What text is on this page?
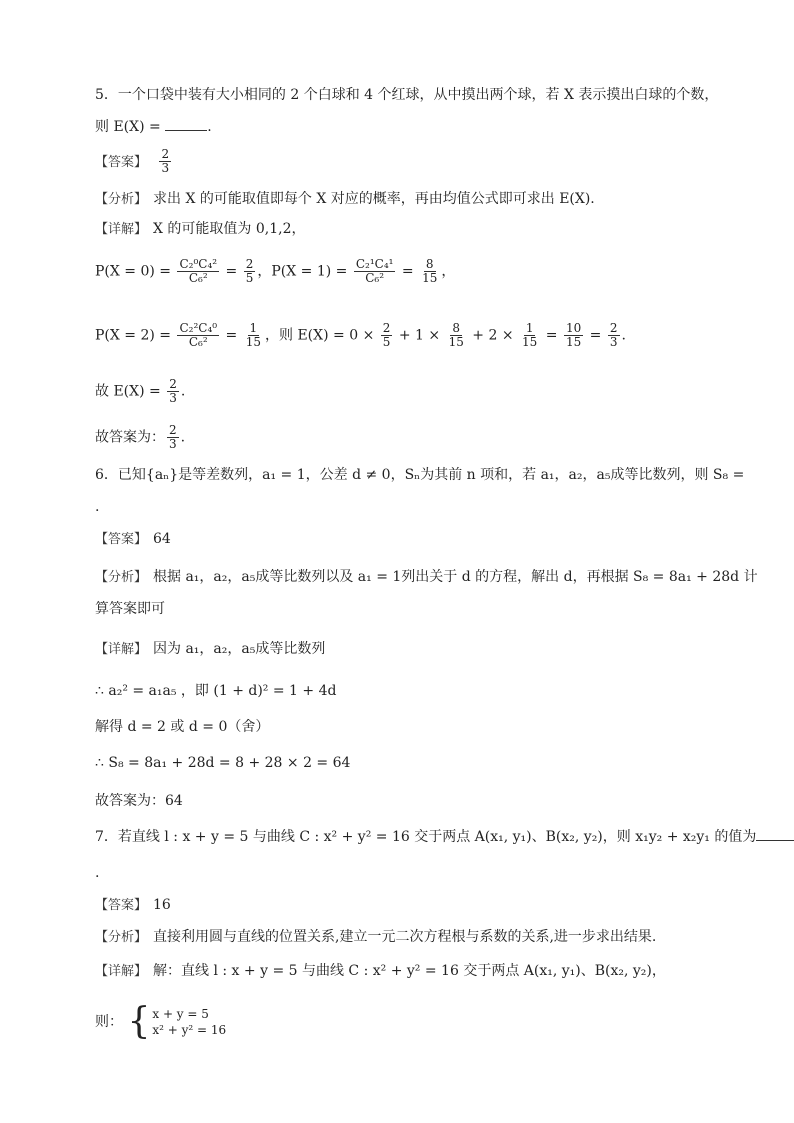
5．一个口袋中装有大小相同的 2 个白球和 4 个红球，从中摸出两个球，若 X 表示摸出白球的个数，
则 E(X) =	.
【答案】 $\frac{2}{3}$
【分析】 求出 X 的可能取值即每个 X 对应的概率，再由均值公式即可求出 E(X).
【详解】 X 的可能取值为 0,1,2，
$P(X = 0) = \frac{\text{C₂⁰C₄²}}{\text{C₆²}} = \frac{2}{5}$ ，$P(X = 1) = \frac{\text{C₂¹C₄¹}}{\text{C₆²}} = \frac{8}{15}$ ，
$P(X = 2) = \frac{\text{C₂²C₄⁰}}{\text{C₆²}} = \frac{1}{15}$ ，则 $E(X) = 0 \times \frac{2}{5} + 1 \times \frac{8}{15} + 2 \times \frac{1}{15} = \frac{10}{15} = \frac{2}{3}$ .
故 $E(X) = \frac{2}{3}$ .
故答案为： $\frac{2}{3}$ .
6．已知{aₙ}是等差数列，a₁ = 1，公差 d ≠ 0，Sₙ为其前 n 项和，若 a₁，a₂，a₅成等比数列，则 S₈ =
.
【答案】 64
【分析】 根据 a₁，a₂，a₅成等比数列以及 a₁ = 1列出关于 d 的方程，解出 d，再根据 S₈ = 8a₁ + 28d 计
算答案即可
【详解】 因为 a₁，a₂，a₅成等比数列
∴ a₂² = a₁a₅ ，即 (1 + d)² = 1 + 4d
解得 d = 2 或 d = 0（舍）
∴ S₈ = 8a₁ + 28d = 8 + 28 × 2 = 64
故答案为：64
7．若直线 l : x + y = 5 与曲线 C : x² + y² = 16 交于两点 A(x₁, y₁)、B(x₂, y₂)，则 x₁y₂ + x₂y₁ 的值为
.
【答案】 16
【分析】 直接利用圆与直线的位置关系,建立一元二次方程根与系数的关系,进一步求出结果.
【详解】 解：直线 l : x + y = 5 与曲线 C : x² + y² = 16 交于两点 A(x₁, y₁)、B(x₂, y₂)，
则： { x + y = 5
x² + y² = 16
